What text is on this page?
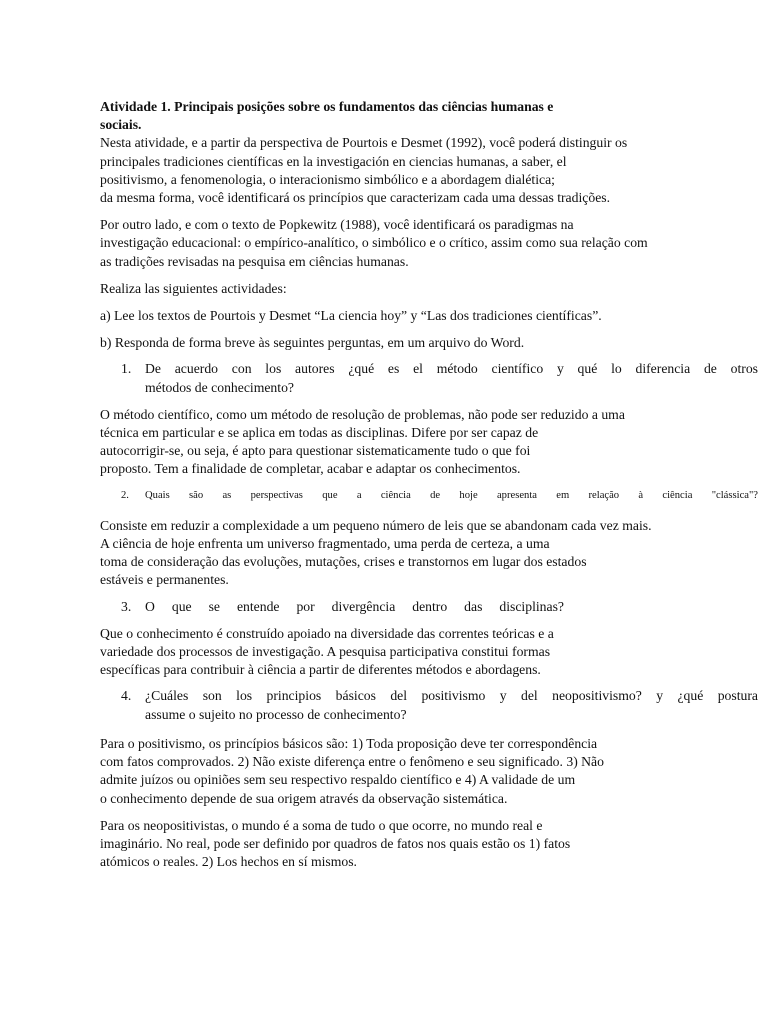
Atividade 1. Principais posições sobre os fundamentos das ciências humanas e
sociais.
Nesta atividade, e a partir da perspectiva de Pourtois e Desmet (1992), você poderá distinguir os
principales tradiciones científicas en la investigación en ciencias humanas, a saber, el
positivismo, a fenomenologia, o interacionismo simbólico e a abordagem dialética;
da mesma forma, você identificará os princípios que caracterizam cada uma dessas tradições.
Por outro lado, e com o texto de Popkewitz (1988), você identificará os paradigmas na
investigação educacional: o empírico-analítico, o simbólico e o crítico, assim como sua relação com
as tradições revisadas na pesquisa em ciências humanas.
Realiza las siguientes actividades:
a) Lee los textos de Pourtois y Desmet “La ciencia hoy” y “Las dos tradiciones científicas”.
b) Responda de forma breve às seguintes perguntas, em um arquivo do Word.
1.	De acuerdo con los autores ¿qué es el método científico y qué lo diferencia de otros
métodos de conhecimento?
O método científico, como um método de resolução de problemas, não pode ser reduzido a uma
técnica em particular e se aplica em todas as disciplinas. Difere por ser capaz de
autocorrigir-se, ou seja, é apto para questionar sistematicamente tudo o que foi
proposto. Tem a finalidade de completar, acabar e adaptar os conhecimentos.
2.	Quais são as perspectivas que a ciência de hoje apresenta em relação à ciência "clássica"?
Consiste em reduzir a complexidade a um pequeno número de leis que se abandonam cada vez mais.
A ciência de hoje enfrenta um universo fragmentado, uma perda de certeza, a uma
toma de consideração das evoluções, mutações, crises e transtornos em lugar dos estados
estáveis e permanentes.
3.	O que se entende por divergência dentro das disciplinas?
Que o conhecimento é construído apoiado na diversidade das correntes teóricas e a
variedade dos processos de investigação. A pesquisa participativa constitui formas
específicas para contribuir à ciência a partir de diferentes métodos e abordagens.
4.	¿Cuáles son los principios básicos del positivismo y del neopositivismo? y ¿qué postura
assume o sujeito no processo de conhecimento?
Para o positivismo, os princípios básicos são: 1) Toda proposição deve ter correspondência
com fatos comprovados. 2) Não existe diferença entre o fenômeno e seu significado. 3) Não
admite juízos ou opiniões sem seu respectivo respaldo científico e 4) A validade de um
o conhecimento depende de sua origem através da observação sistemática.
Para os neopositivistas, o mundo é a soma de tudo o que ocorre, no mundo real e
imaginário. No real, pode ser definido por quadros de fatos nos quais estão os 1) fatos
atómicos o reales. 2) Los hechos en sí mismos.
